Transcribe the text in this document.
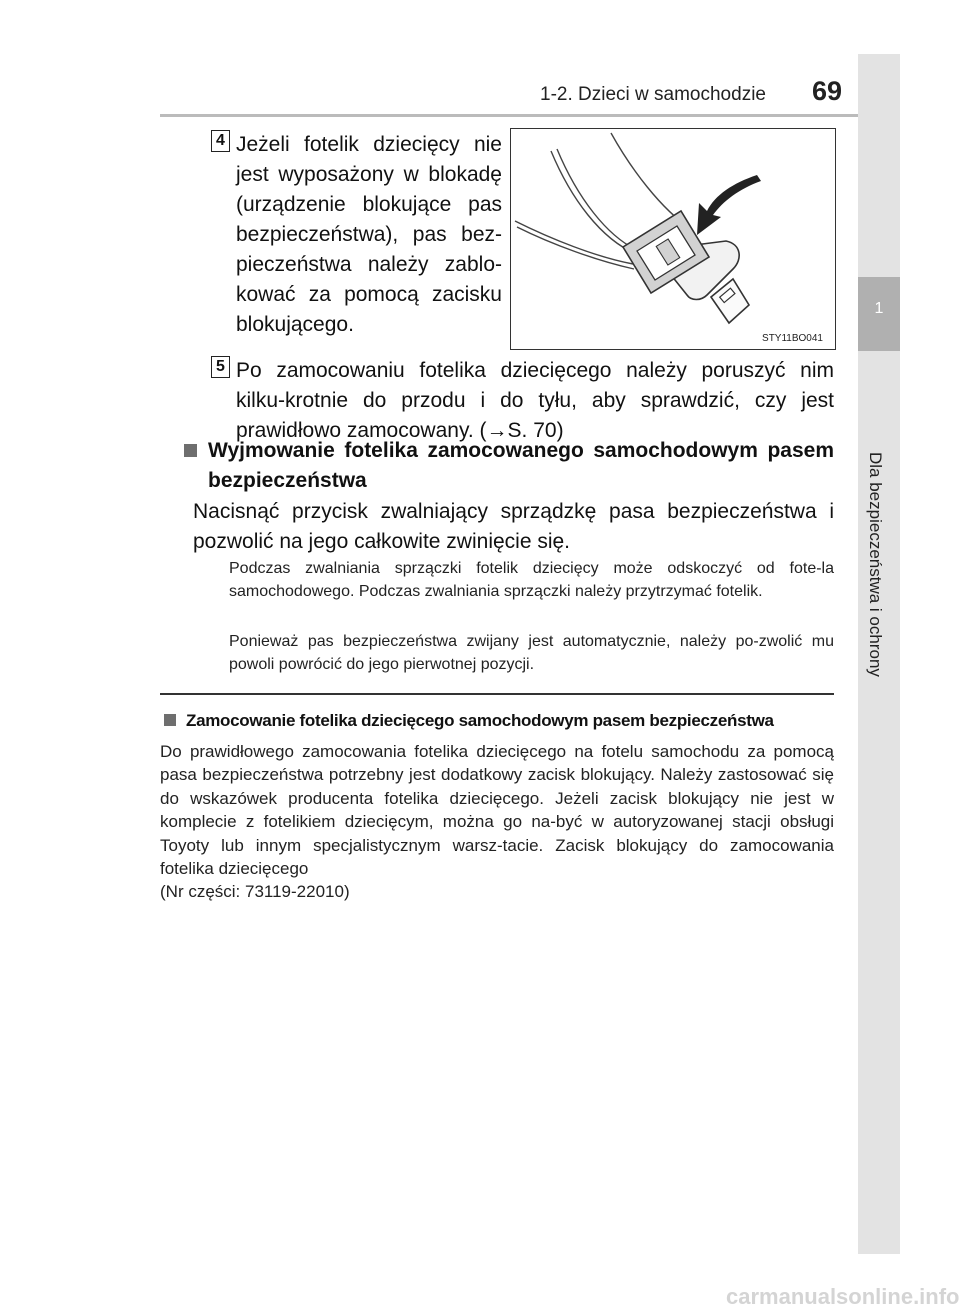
1-2. Dzieci w samochodzie 69
1
Dla bezpieczeństwa i ochrony
4 Jeżeli fotelik dziecięcy nie jest wyposażony w blokadę (urządzenie blokujące pas bezpieczeństwa), pas bez-pieczeństwa należy zablo-kować za pomocą zacisku blokującego.
STY11BO041
5 Po zamocowaniu fotelika dziecięcego należy poruszyć nim kilku-krotnie do przodu i do tyłu, aby sprawdzić, czy jest prawidłowo zamocowany. (→S. 70)
Wyjmowanie fotelika zamocowanego samochodowym pasem bezpieczeństwa
Nacisnąć przycisk zwalniający sprządzkę pasa bezpieczeństwa i pozwolić na jego całkowite zwinięcie się.
Podczas zwalniania sprzączki fotelik dziecięcy może odskoczyć od fote-la samochodowego. Podczas zwalniania sprzączki należy przytrzymać fotelik.
Ponieważ pas bezpieczeństwa zwijany jest automatycznie, należy po-zwolić mu powoli powrócić do jego pierwotnej pozycji.
Zamocowanie fotelika dziecięcego samochodowym pasem bezpieczeństwa
Do prawidłowego zamocowania fotelika dziecięcego na fotelu samochodu za pomocą pasa bezpieczeństwa potrzebny jest dodatkowy zacisk blokujący. Należy zastosować się do wskazówek producenta fotelika dziecięcego. Jeżeli zacisk blokujący nie jest w komplecie z fotelikiem dziecięcym, można go na-być w autoryzowanej stacji obsługi Toyoty lub innym specjalistycznym warsz-tacie. Zacisk blokujący do zamocowania fotelika dziecięcego
(Nr części: 73119-22010)
carmanualsonline.info
